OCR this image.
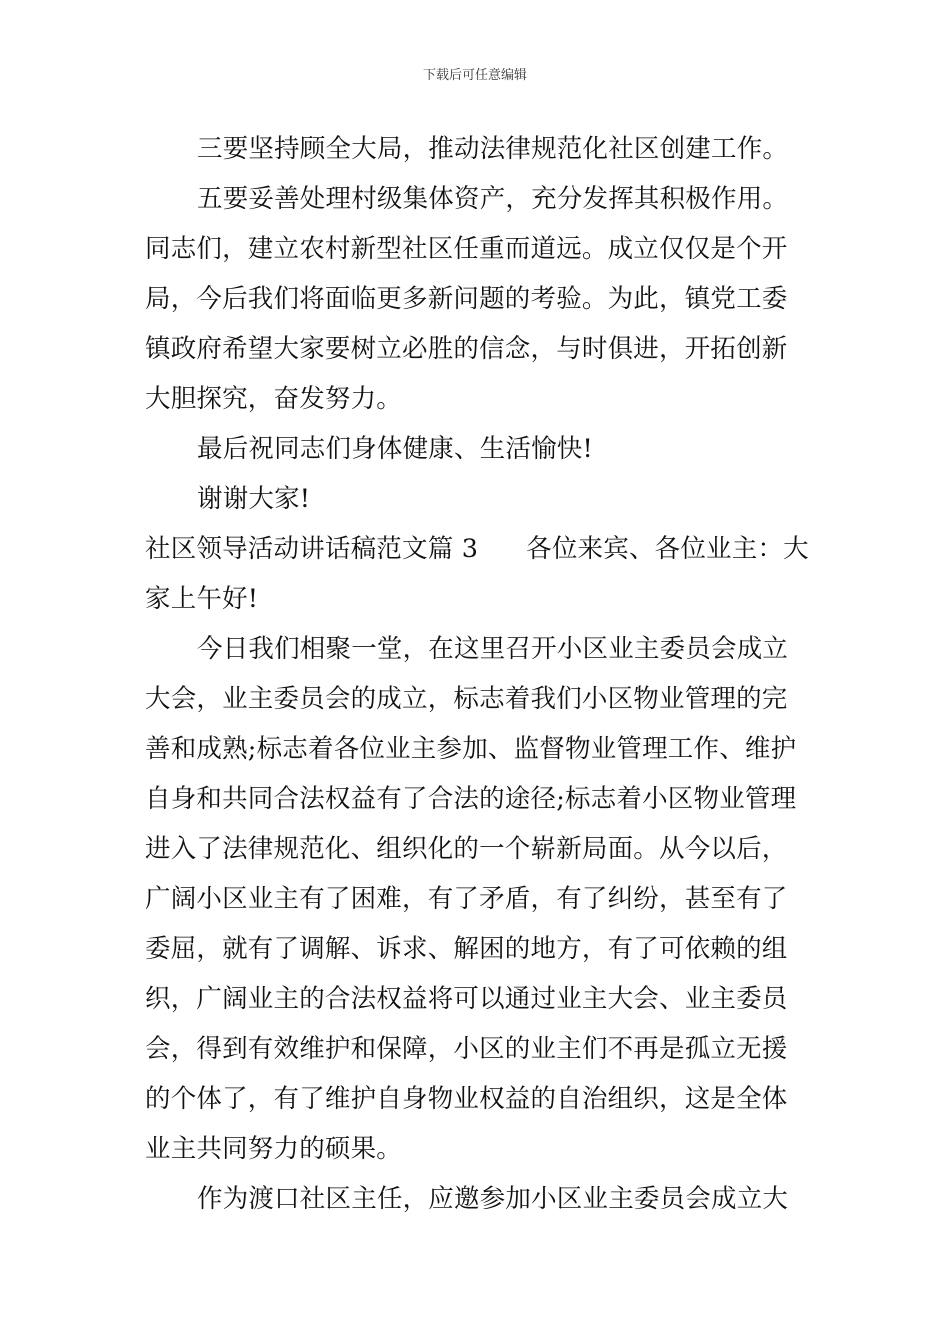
下载后可任意编辑
三要坚持顾全大局，推动法律规范化社区创建工作。
五要妥善处理村级集体资产，充分发挥其积极作用。
同志们，建立农村新型社区任重而道远。成立仅仅是个开
局，今后我们将面临更多新问题的考验。为此，镇党工委
镇政府希望大家要树立必胜的信念，与时俱进，开拓创新
大胆探究，奋发努力。
最后祝同志们身体健康、生活愉快!
谢谢大家!
社区领导活动讲话稿范文篇 3 各位来宾、各位业主：大
家上午好!
今日我们相聚一堂，在这里召开小区业主委员会成立
大会，业主委员会的成立，标志着我们小区物业管理的完
善和成熟;标志着各位业主参加、监督物业管理工作、维护
自身和共同合法权益有了合法的途径;标志着小区物业管理
进入了法律规范化、组织化的一个崭新局面。从今以后，
广阔小区业主有了困难，有了矛盾，有了纠纷，甚至有了
委屈，就有了调解、诉求、解困的地方，有了可依赖的组
织，广阔业主的合法权益将可以通过业主大会、业主委员
会，得到有效维护和保障，小区的业主们不再是孤立无援
的个体了，有了维护自身物业权益的自治组织，这是全体
业主共同努力的硕果。
作为渡口社区主任，应邀参加小区业主委员会成立大
